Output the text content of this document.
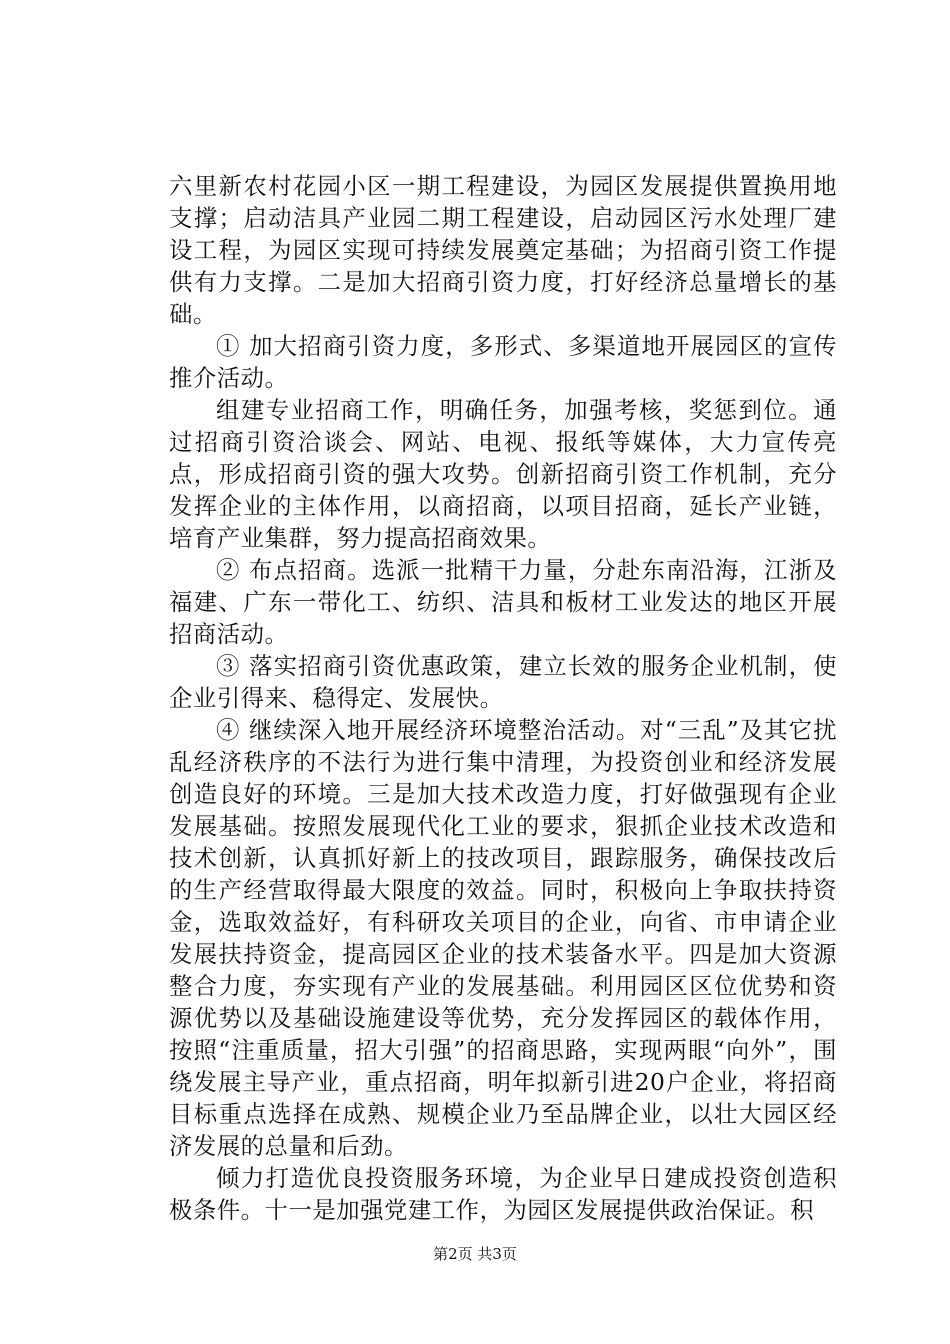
六里新农村花园小区一期工程建设，为园区发展提供置换用地支撑；启动洁具产业园二期工程建设，启动园区污水处理厂建设工程，为园区实现可持续发展奠定基础；为招商引资工作提供有力支撑。二是加大招商引资力度，打好经济总量增长的基础。

① 加大招商引资力度，多形式、多渠道地开展园区的宣传推介活动。

组建专业招商工作，明确任务，加强考核，奖惩到位。通过招商引资洽谈会、网站、电视、报纸等媒体，大力宣传亮点，形成招商引资的强大攻势。创新招商引资工作机制，充分发挥企业的主体作用，以商招商，以项目招商，延长产业链，培育产业集群，努力提高招商效果。

② 布点招商。选派一批精干力量，分赴东南沿海，江浙及福建、广东一带化工、纺织、洁具和板材工业发达的地区开展招商活动。

③ 落实招商引资优惠政策，建立长效的服务企业机制，使企业引得来、稳得定、发展快。

④ 继续深入地开展经济环境整治活动。对“三乱”及其它扰乱经济秩序的不法行为进行集中清理，为投资创业和经济发展创造良好的环境。三是加大技术改造力度，打好做强现有企业发展基础。按照发展现代化工业的要求，狠抓企业技术改造和技术创新，认真抓好新上的技改项目，跟踪服务，确保技改后的生产经营取得最大限度的效益。同时，积极向上争取扶持资金，选取效益好，有科研攻关项目的企业，向省、市申请企业发展扶持资金，提高园区企业的技术装备水平。四是加大资源整合力度，夯实现有产业的发展基础。利用园区区位优势和资源优势以及基础设施建设等优势，充分发挥园区的载体作用，按照“注重质量，招大引强”的招商思路，实现两眼“向外”，围绕发展主导产业，重点招商，明年拟新引进20户企业，将招商目标重点选择在成熟、规模企业乃至品牌企业，以壮大园区经济发展的总量和后劲。

倾力打造优良投资服务环境，为企业早日建成投资创造积极条件。十一是加强党建工作，为园区发展提供政治保证。积

第2页 共3页
